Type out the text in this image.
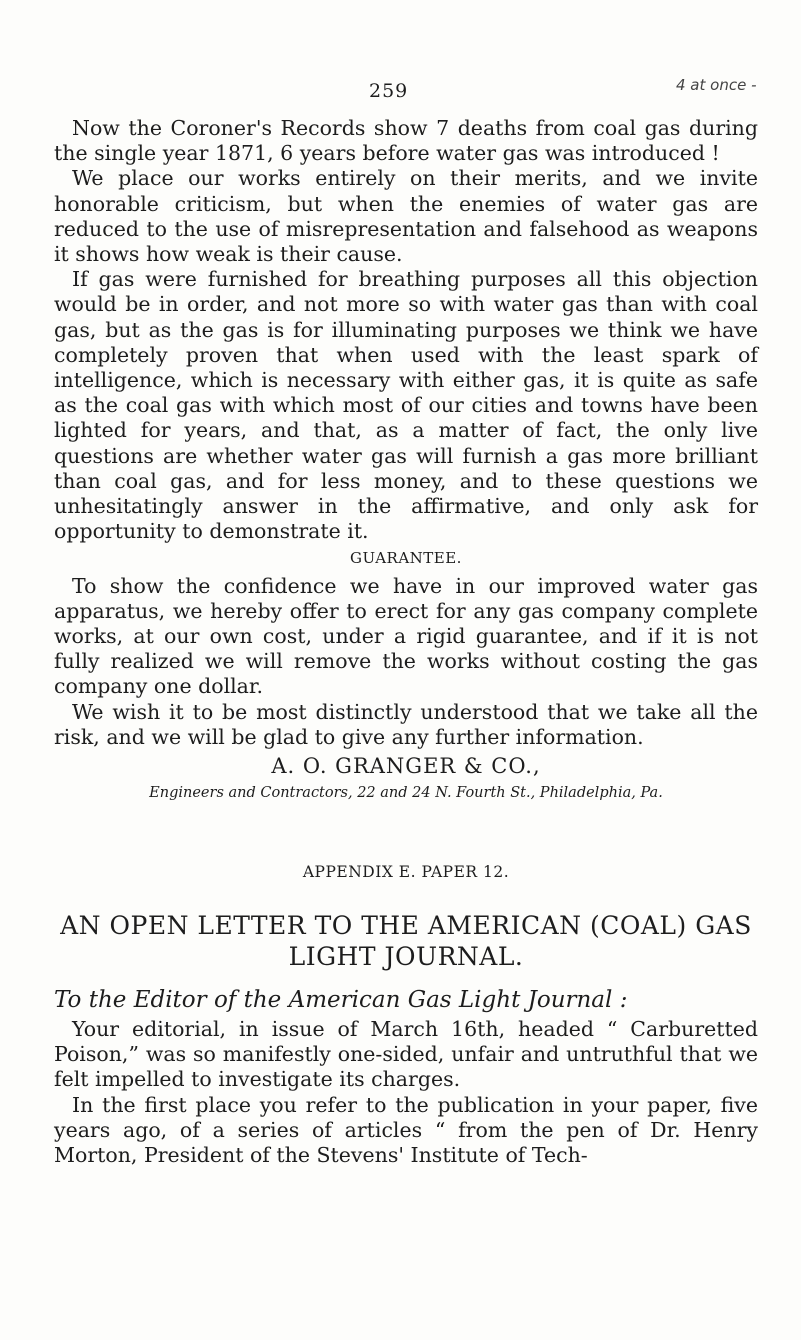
259	4 at once -

Now the Coroner's Records show 7 deaths from coal gas during the single year 1871, 6 years before water gas was introduced !

We place our works entirely on their merits, and we invite honorable criticism, but when the enemies of water gas are reduced to the use of misrepresentation and falsehood as weapons it shows how weak is their cause.

If gas were furnished for breathing purposes all this objection would be in order, and not more so with water gas than with coal gas, but as the gas is for illuminating purposes we think we have completely proven that when used with the least spark of intelligence, which is necessary with either gas, it is quite as safe as the coal gas with which most of our cities and towns have been lighted for years, and that, as a matter of fact, the only live questions are whether water gas will furnish a gas more brilliant than coal gas, and for less money, and to these questions we unhesitatingly answer in the affirmative, and only ask for opportunity to demonstrate it.

GUARANTEE.

To show the confidence we have in our improved water gas apparatus, we hereby offer to erect for any gas company complete works, at our own cost, under a rigid guarantee, and if it is not fully realized we will remove the works without costing the gas company one dollar.

We wish it to be most distinctly understood that we take all the risk, and we will be glad to give any further information.

A. O. GRANGER & CO.,

Engineers and Contractors, 22 and 24 N. Fourth St., Philadelphia, Pa.

APPENDIX E. PAPER 12.

AN OPEN LETTER TO THE AMERICAN (COAL) GAS LIGHT JOURNAL.

To the Editor of the American Gas Light Journal :

Your editorial, in issue of March 16th, headed “ Carburetted Poison,” was so manifestly one-sided, unfair and untruthful that we felt impelled to investigate its charges.

In the first place you refer to the publication in your paper, five years ago, of a series of articles “ from the pen of Dr. Henry Morton, President of the Stevens' Institute of Tech-
